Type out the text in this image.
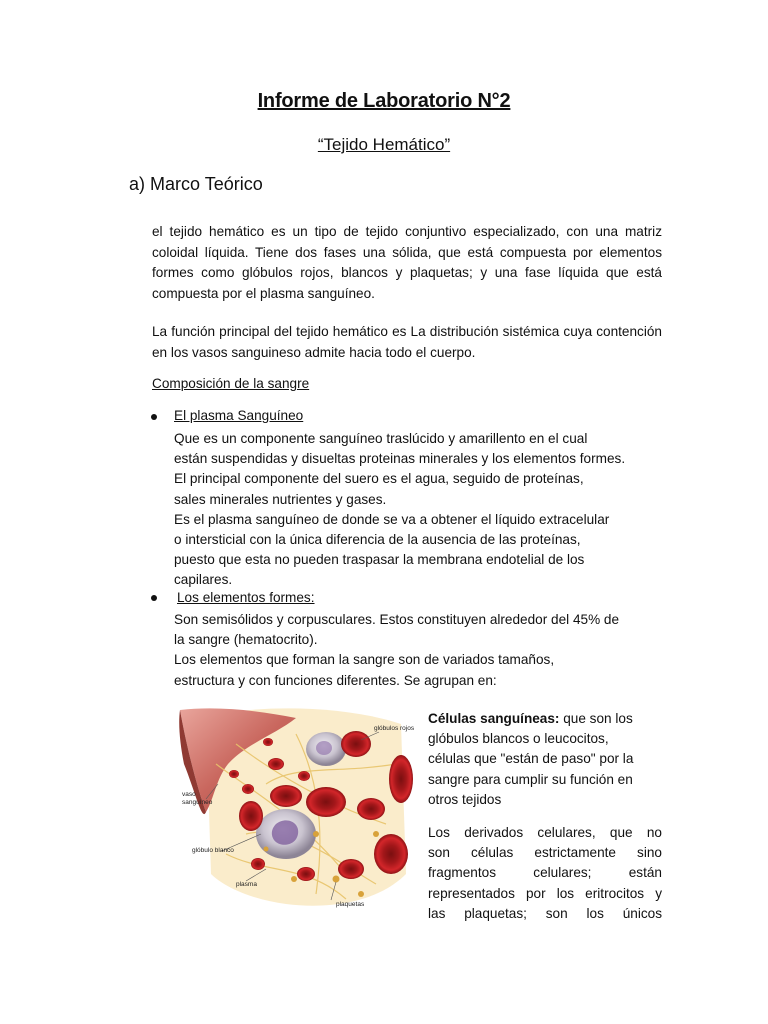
Informe de Laboratorio N°2
“Tejido Hemático”
a) Marco Teórico
el tejido hemático es un tipo de tejido conjuntivo especializado, con una matriz coloidal líquida. Tiene dos fases una sólida, que está compuesta por elementos formes como glóbulos rojos, blancos y plaquetas; y una fase líquida que está compuesta por el plasma sanguíneo.
La función principal del tejido hemático es La distribución sistémica cuya contención en los vasos sanguineso admite hacia todo el cuerpo.
Composición de la sangre
El plasma Sanguíneo
Que es un componente sanguíneo traslúcido y amarillento en el cual
están suspendidas y disueltas proteinas minerales y los elementos formes.
El principal componente del suero es el agua, seguido de proteínas,
sales minerales nutrientes y gases.
Es el plasma sanguíneo de donde se va a obtener el líquido extracelular
o intersticial con la única diferencia de la ausencia de las proteínas,
puesto que esta no pueden traspasar la membrana endotelial de los
capilares.
Los elementos formes:
Son semisólidos y corpusculares. Estos constituyen alrededor del 45% de
la sangre (hematocrito).
Los elementos que forman la sangre son de variados tamaños,
estructura y con funciones diferentes. Se agrupan en:
glóbulos rojos
vaso
sanguíneo
glóbulo blanco
plasma
plaquetas
Células sanguíneas: que son los
glóbulos blancos o leucocitos,
células que "están de paso" por la
sangre para cumplir su función en
otros tejidos
Los derivados celulares, que no
son células estrictamente sino
fragmentos celulares; están
representados por los eritrocitos y
las plaquetas; son los únicos
